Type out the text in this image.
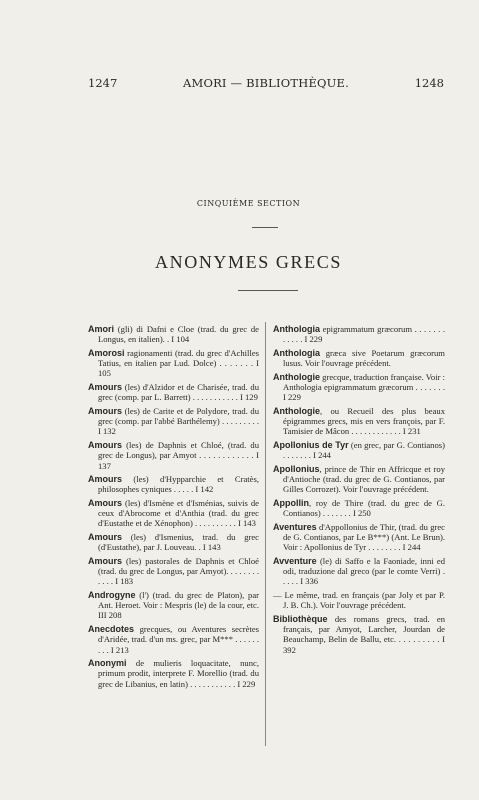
1247	AMORI — BIBLIOTHÈQUE.	1248
CINQUIÈME SECTION
ANONYMES GRECS

Amori (gli) di Dafni e Cloe (trad. du grec de Longus, en italien). . I 104

Amorosi ragionamenti (trad. du grec d'Achilles Tatius, en italien par Lud. Dolce) . . . . . . . I 105

Amours (les) d'Alzidor et de Charisée, trad. du grec (comp. par L. Barrett) . . . . . . . . . . . I 129

Amours (les) de Carite et de Polydore, trad. du grec (comp. par l'abbé Barthélemy) . . . . . . . . . I 132

Amours (les) de Daphnis et Chloé, (trad. du grec de Longus), par Amyot . . . . . . . . . . . . I 137

Amours (les) d'Hypparchie et Cratès, philosophes cyniques . . . . . I 142

Amours (les) d'Ismène et d'Isménias, suivis de ceux d'Abrocome et d'Anthia (trad. du grec d'Eustathe et de Xénophon) . . . . . . . . . . I 143

Amours (les) d'Ismenius, trad. du grec (d'Eustathe), par J. Louveau. . I 143

Amours (les) pastorales de Daphnis et Chloé (trad. du grec de Longus, par Amyot). . . . . . . . . . . . I 183

Androgyne (l') (trad. du grec de Platon), par Ant. Heroet. Voir : Mespris (le) de la cour, etc. III 208

Anecdotes grecques, ou Aventures secrètes d'Aridée, trad. d'un ms. grec, par M*** . . . . . . . . . I 213

Anonymi de mulieris loquacitate, nunc, primum prodit, interprete F. Morellio (trad. du grec de Libanius, en latin) . . . . . . . . . . . I 229

Anthologia epigrammatum græcorum . . . . . . . . . . . . I 229

Anthologia græca sive Poetarum græcorum lusus. Voir l'ouvrage précédent.

Anthologie grecque, traduction française. Voir : Anthologia epigrammatum græcorum . . . . . . . I 229

Anthologie, ou Recueil des plus beaux épigrammes grecs, mis en vers françois, par F. Tamisier de Mâcon . . . . . . . . . . . . I 231

Apollonius de Tyr (en grec, par G. Contianos) . . . . . . . I 244

Apollonius, prince de Thir en Affricque et roy d'Antioche (trad. du grec de G. Contianos, par Gilles Corrozet). Voir l'ouvrage précédent.

Appollin, roy de Thire (trad. du grec de G. Contianos) . . . . . . . I 250

Aventures d'Appollonius de Thir, (trad. du grec de G. Contianos, par Le B***) (Ant. Le Brun). Voir : Apollonius de Tyr . . . . . . . . I 244

Avventure (le) di Saffo e la Faoniade, inni ed odi, traduzione dal greco (par le comte Verri) . . . . . I 336

— Le même, trad. en français (par Joly et par P. J. B. Ch.). Voir l'ouvrage précédent.

Bibliothèque des romans grecs, trad. en français, par Amyot, Larcher, Jourdan de Beauchamp, Belin de Ballu, etc. . . . . . . . . . I 392
